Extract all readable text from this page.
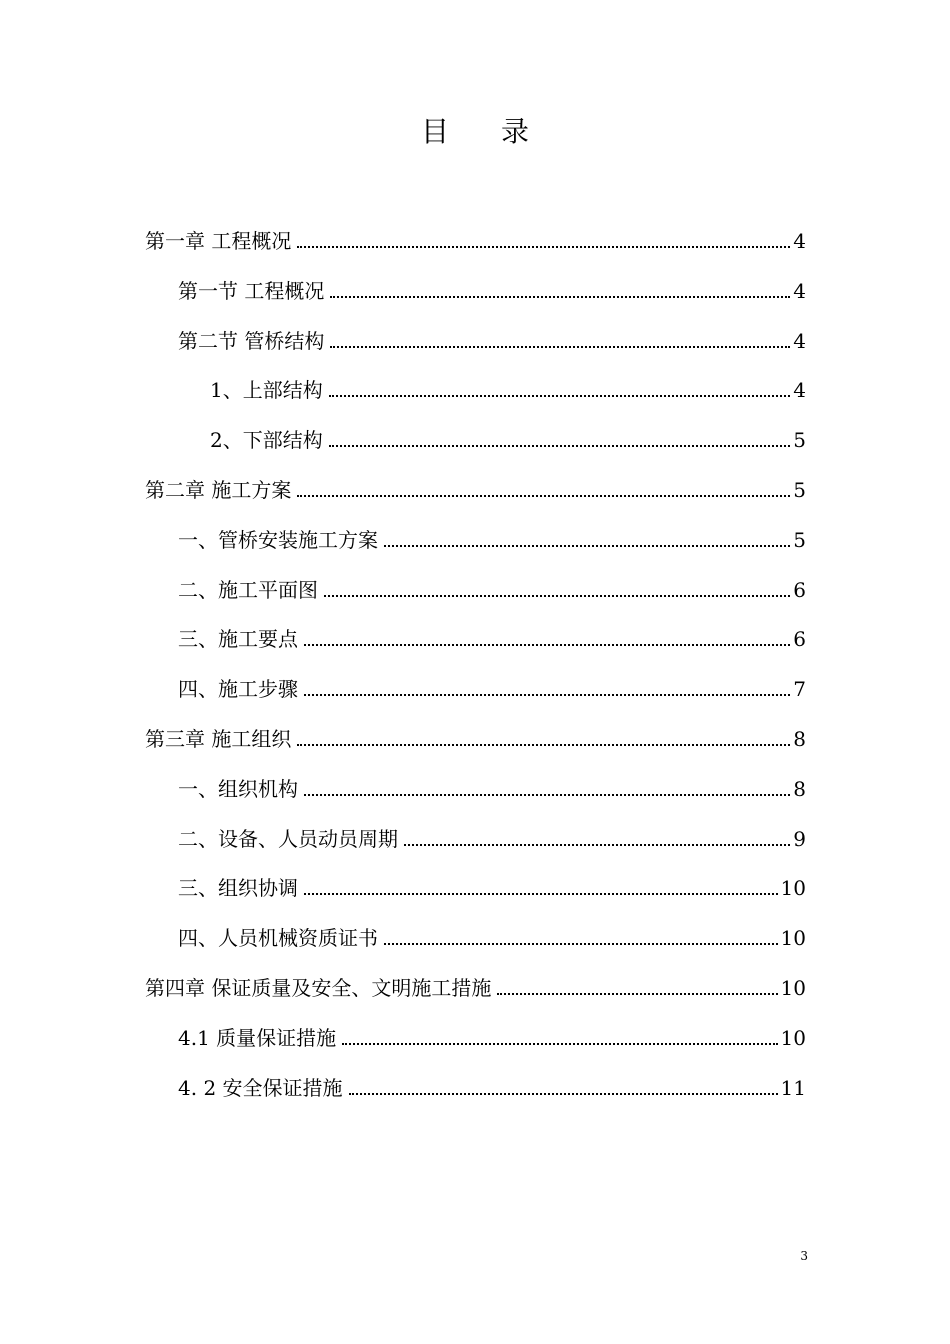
目录
第一章 工程概况	4
第一节 工程概况	4
第二节 管桥结构	4
1、上部结构	4
2、下部结构	5
第二章 施工方案	5
一、管桥安装施工方案	5
二、施工平面图	6
三、施工要点	6
四、施工步骤	7
第三章 施工组织	8
一、组织机构	8
二、设备、人员动员周期	9
三、组织协调	10
四、人员机械资质证书	10
第四章 保证质量及安全、文明施工措施	10
4.1 质量保证措施	10
4. 2 安全保证措施	11
3
